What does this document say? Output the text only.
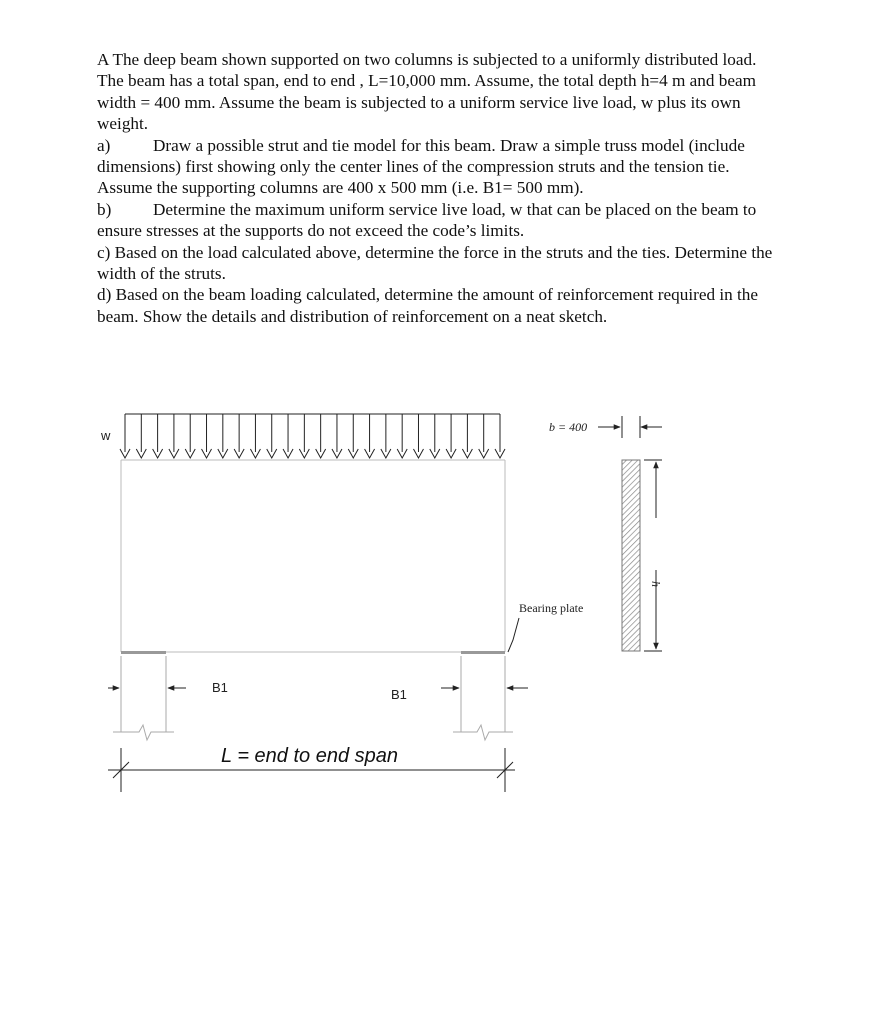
A The deep beam shown supported on two columns is subjected to a uniformly distributed load. The beam has a total span, end to end , L=10,000 mm. Assume, the total depth h=4 m and beam width = 400 mm. Assume the beam is subjected to a uniform service live load, w plus its own weight.

a) Draw a possible strut and tie model for this beam. Draw a simple truss model (include dimensions) first showing only the center lines of the compression struts and the tension tie. Assume the supporting columns are 400 x 500 mm (i.e. B1= 500 mm).

b) Determine the maximum uniform service live load, w that can be placed on the beam to ensure stresses at the supports do not exceed the code’s limits.

c) Based on the load calculated above, determine the force in the struts and the ties. Determine the width of the struts.

d) Based on the beam loading calculated, determine the amount of reinforcement required in the beam. Show the details and distribution of reinforcement on a neat sketch.

w
B1	B1
L = end to end span
Bearing plate
b = 400
h
